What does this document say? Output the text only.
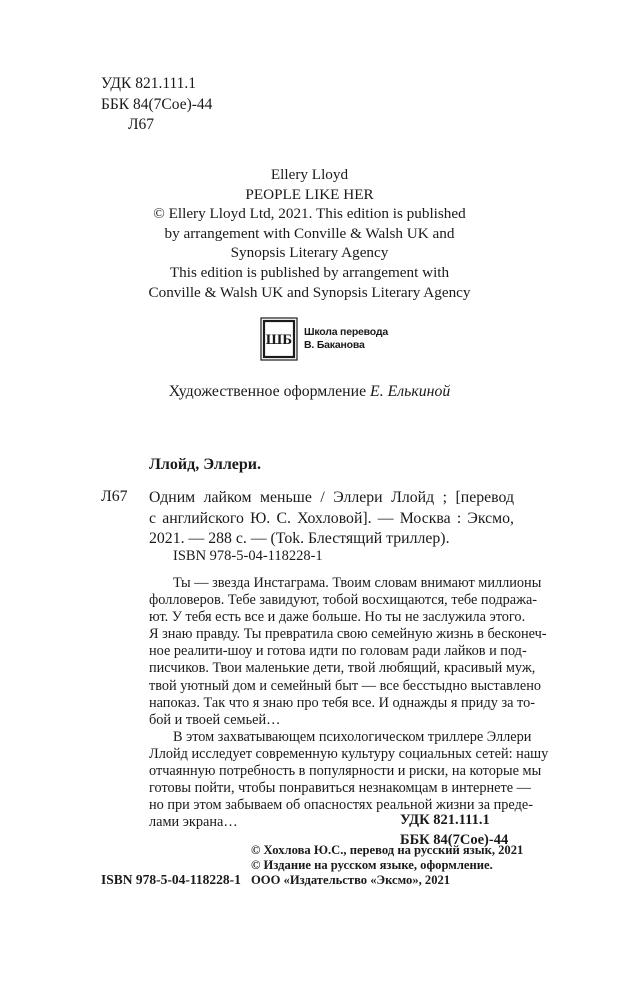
УДК 821.111.1
ББК 84(7Сое)-44
Л67
Ellery Lloyd
PEOPLE LIKE HER
© Ellery Lloyd Ltd, 2021. This edition is published
by arrangement with Conville & Walsh UK and
Synopsis Literary Agency
This edition is published by arrangement with
Conville & Walsh UK and Synopsis Literary Agency
ШБ Школа перевода
В. Баканова
Художественное оформление Е. Елькиной
Ллойд, Эллери.
Л67 Одним лайком меньше / Эллери Ллойд ; [перевод
с английского Ю. С. Хохловой]. — Москва : Эксмо,
2021. — 288 с. — (Tok. Блестящий триллер).
ISBN 978-5-04-118228-1
Ты — звезда Инстаграма. Твоим словам внимают миллионы
фолловеров. Тебе завидуют, тобой восхищаются, тебе подража-
ют. У тебя есть все и даже больше. Но ты не заслужила этого.
Я знаю правду. Ты превратила свою семейную жизнь в бесконеч-
ное реалити-шоу и готова идти по головам ради лайков и под-
писчиков. Твои маленькие дети, твой любящий, красивый муж,
твой уютный дом и семейный быт — все бесстыдно выставлено
напоказ. Так что я знаю про тебя все. И однажды я приду за то-
бой и твоей семьей…
В этом захватывающем психологическом триллере Эллери
Ллойд исследует современную культуру социальных сетей: нашу
отчаянную потребность в популярности и риски, на которые мы
готовы пойти, чтобы понравиться незнакомцам в интернете —
но при этом забываем об опасностях реальной жизни за преде-
лами экрана…	УДК 821.111.1
ББК 84(7Сое)-44
© Хохлова Ю.С., перевод на русский язык, 2021
© Издание на русском языке, оформление.
ООО «Издательство «Эксмо», 2021
ISBN 978-5-04-118228-1
